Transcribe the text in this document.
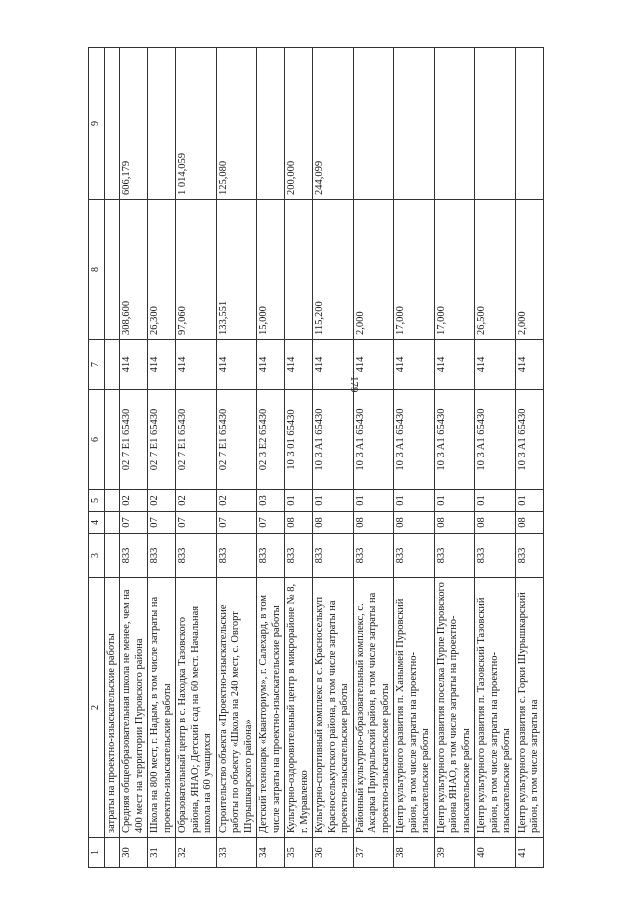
179
1	2	3	4	5	6	7	8	9
	затраты на проектно-изыскательские работы							
30	Средняя общеобразовательная школа не менее, чем на 400 мест на территории Пуровского района	833	07	02	02 7 E1 65430	414	308,600	606,179
31	Школа на 800 мест, г. Надым, в том числе затраты на проектно-изыскательские работы	833	07	02	02 7 E1 65430	414	26,300	
32	Образовательный центр в с. Находка Тазовского района, ЯНАО; Детский сад на 60 мест. Начальная школа на 60 учащихся	833	07	02	02 7 E1 65430	414	97,060	1 014,059
33	Строительство объекта «Проектно-изыскательские работы по объекту «Школа на 240 мест, с. Овгорт Шурышкарского района»	833	07	02	02 7 E1 65430	414	133,551	125,080
34	Детский технопарк «Кванториум», г. Салехард, в том числе затраты на проектно-изыскательские работы	833	07	03	02 3 E2 65430	414	15,000	
35	Культурно-оздоровительный центр в микрорайоне № 8, г. Муравленко	833	08	01	10 3 01 65430	414		200,000
36	Культурно-спортивный комплекс в с. Красноселькуп Красноселькупского района, в том числе затраты на проектно-изыскательские работы	833	08	01	10 3 A1 65430	414	115,200	244,099
37	Районный культурно-образовательный комплекс, с. Аксарка Приуральский район, в том числе затраты на проектно-изыскательские работы	833	08	01	10 3 A1 65430	414	2,000	
38	Центр культурного развития п. Ханымей Пуровский район, в том числе затраты на проектно-изыскательские работы	833	08	01	10 3 A1 65430	414	17,000	
39	Центр культурного развития поселка Пурпе Пуровского района ЯНАО, в том числе затраты на проектно-изыскательские работы	833	08	01	10 3 A1 65430	414	17,000	
40	Центр культурного развития п. Тазовский Тазовский район, в том числе затраты на проектно-изыскательские работы	833	08	01	10 3 A1 65430	414	26,500	
41	Центр культурного развития с. Горки Шурышкарский район, в том числе затраты на	833	08	01	10 3 A1 65430	414	2,000	
